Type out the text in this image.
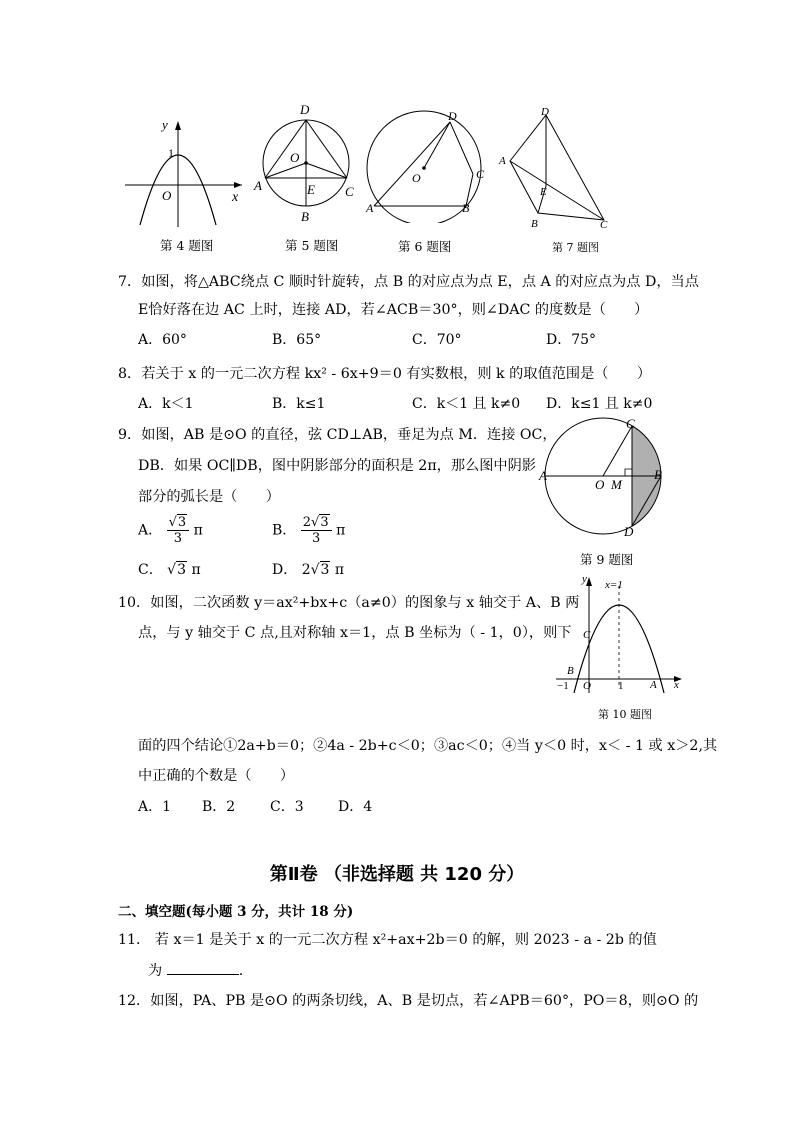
y
x
O
1
第 4 题图
D
O
A	E C
B
第 5 题图
D
C
O
A	B
第 6 题图
D
A
E
B	C
第 7 题图
7．如图，将△ABC绕点 C 顺时针旋转，点 B 的对应点为点 E，点 A 的对应点为点 D，当点
E恰好落在边 AC 上时，连接 AD，若∠ACB＝30°，则∠DAC 的度数是（　　）
A．60°	B．65°	C．70°	D．75°
8．若关于 x 的一元二次方程 kx² - 6x+9＝0 有实数根，则 k 的取值范围是（　　）
A．k＜1	B．k≤1	C．k＜1 且 k≠0 D．k≤1 且 k≠0
9．如图，AB 是⊙O 的直径，弦 CD⊥AB，垂足为点 M．连接 OC，
DB．如果 OC∥DB，图中阴影部分的面积是 2π，那么图中阴影
部分的弧长是（　　）
A． $\frac{√3}{3}$ π	B． $\frac{2√3}{3}$ π
C． √3 π	D． 2√3 π
C
A
O M
B
D
第 9 题图
10．如图，二次函数 y＝ax²+bx+c（a≠0）的图象与 x 轴交于 A、B 两
点，与 y 轴交于 C 点,且对称轴 x＝1，点 B 坐标为（ - 1，0），则下
y x=1
C
B
−1 O 1 A x
第 10 题图
面的四个结论①2a+b＝0；②4a - 2b+c＜0；③ac＜0；④当 y＜0 时，x＜ - 1 或 x＞2,其
中正确的个数是（　　）
A．1 B．2 C．3 D．4
第Ⅱ卷 （非选择题 共 120 分）
二、填空题(每小题 3 分，共计 18 分)
11． 若 x＝1 是关于 x 的一元二次方程 x²+ax+2b＝0 的解，则 2023 - a - 2b 的值
为	.
12．如图，PA、PB 是⊙O 的两条切线，A、B 是切点，若∠APB＝60°，PO＝8，则⊙O 的
